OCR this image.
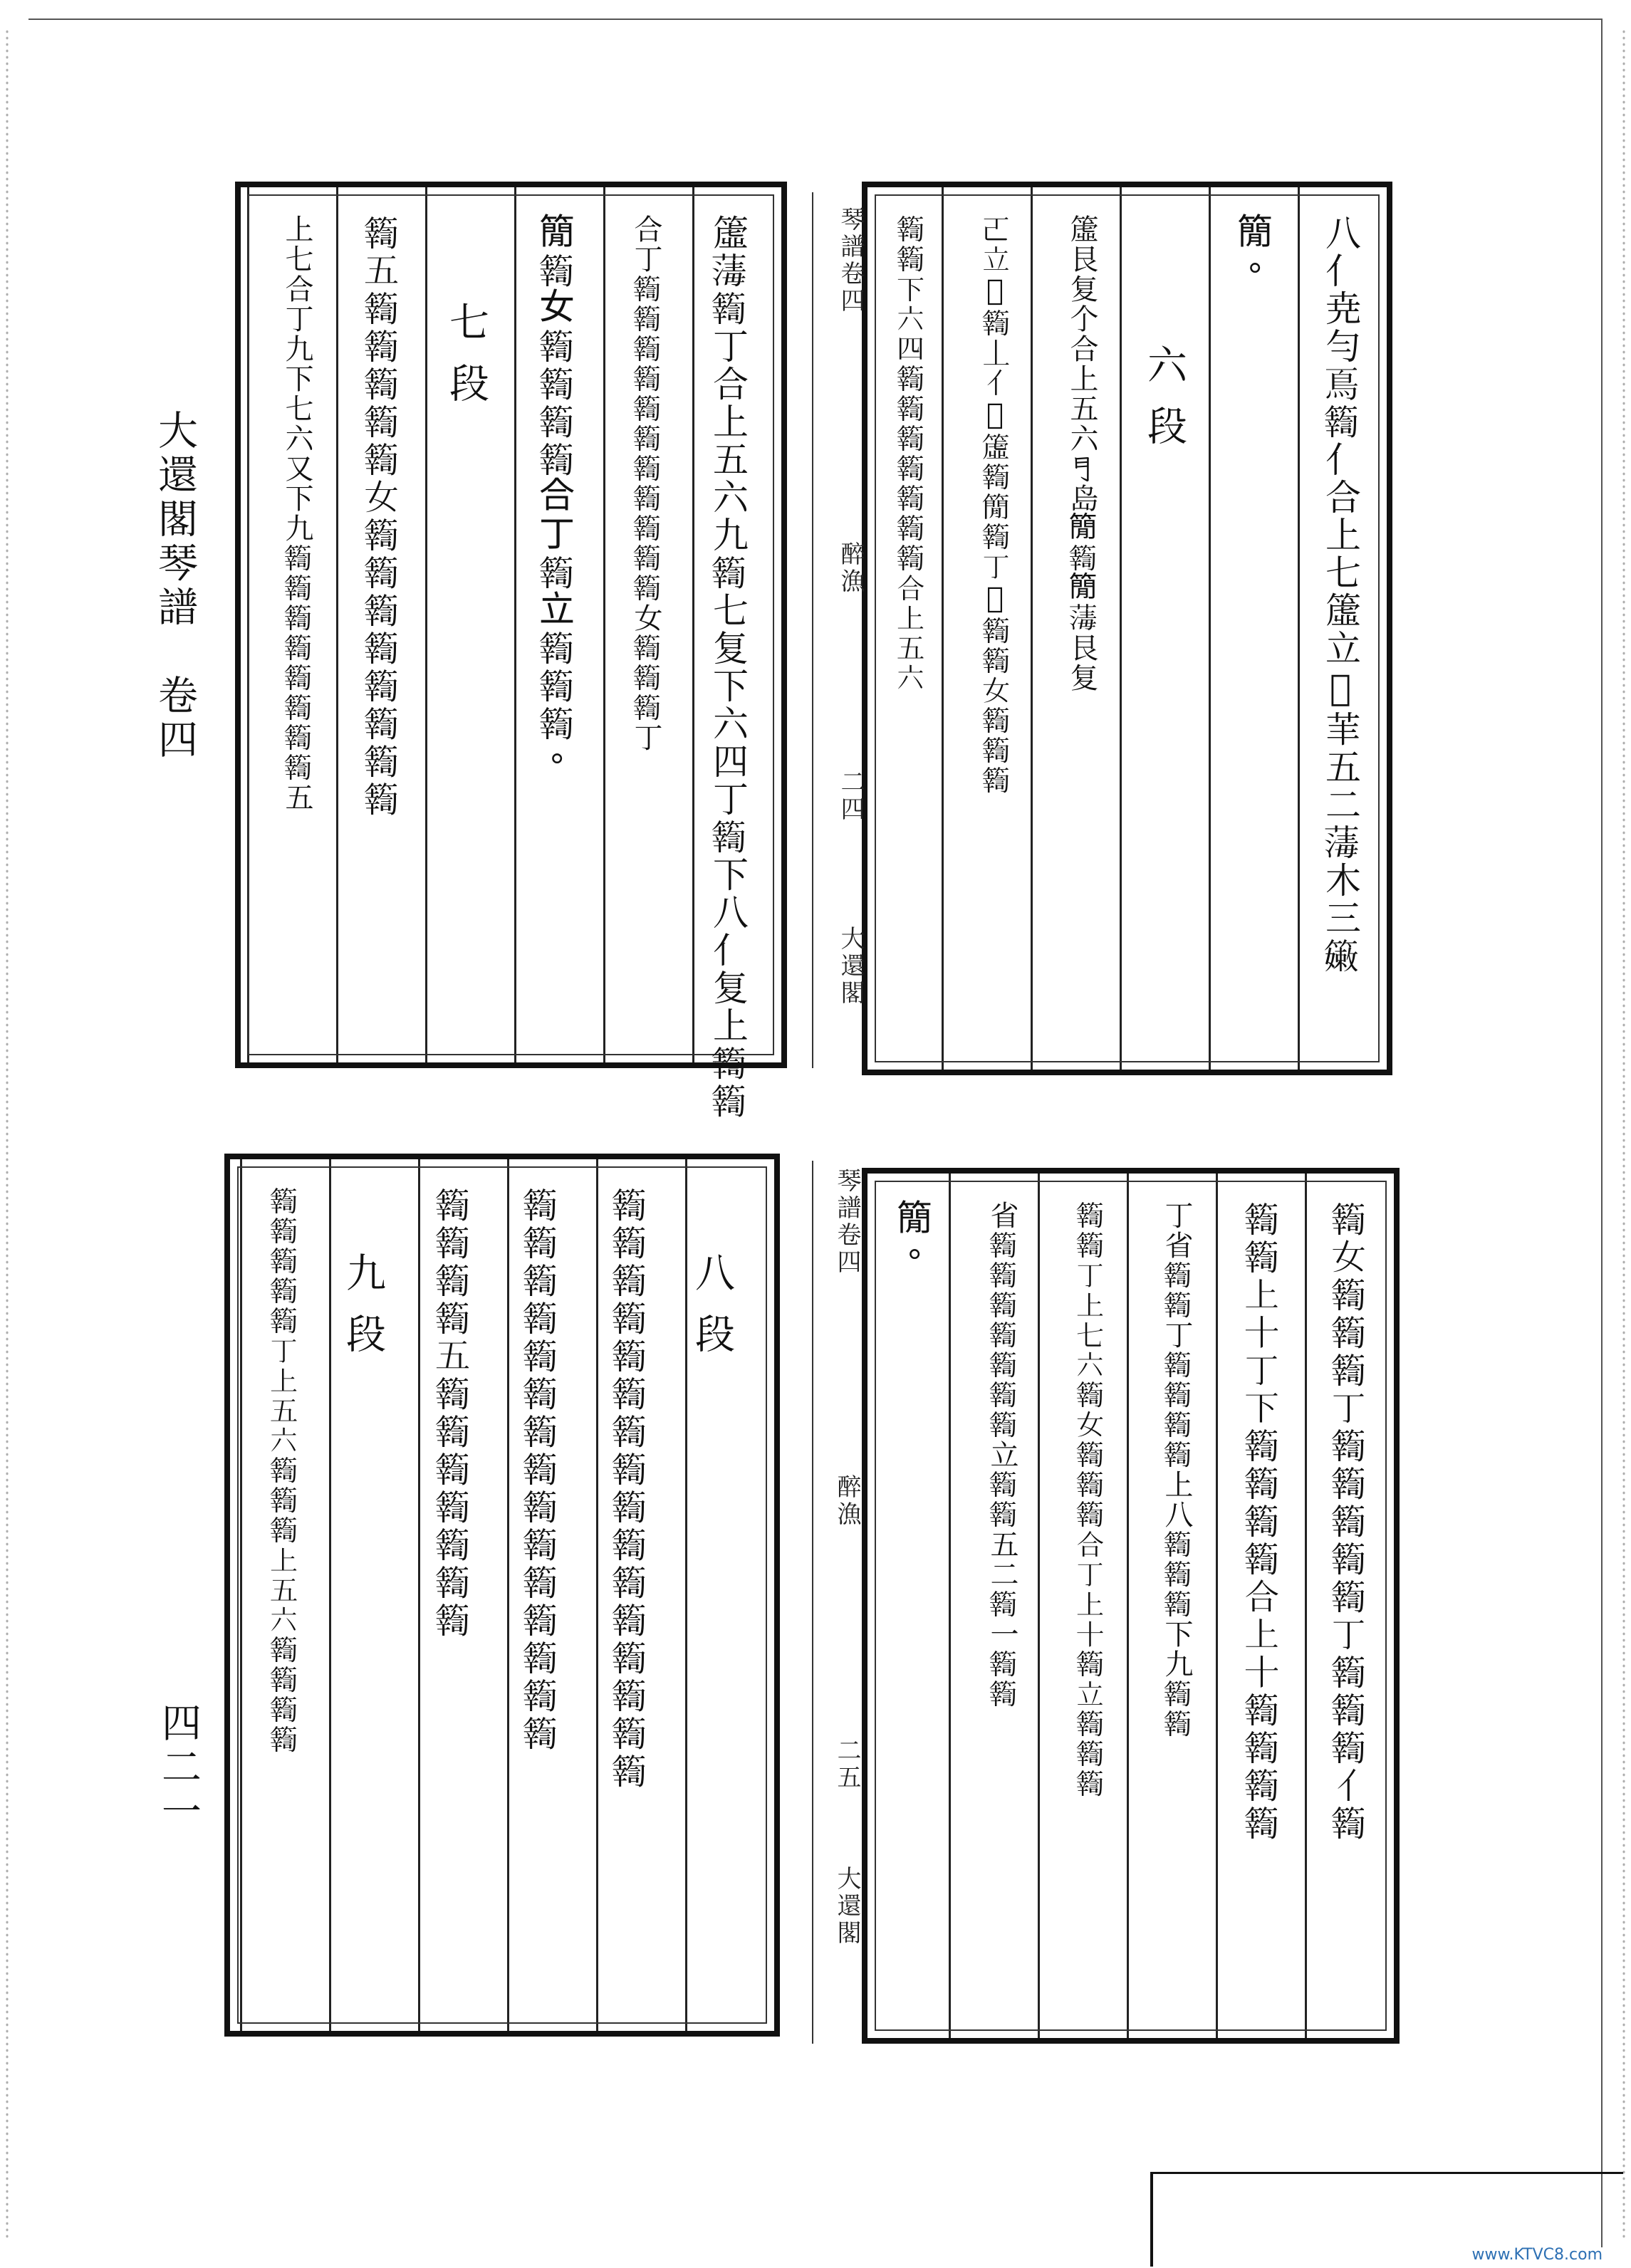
大還閣琴譜　卷四
四二一
𥲤𦺇𥷚丁合上五六九𥷚七复下六四丁𥷚下八亻复上𥷚𥷚
合丁𥷚𥷚𥷚𥷚𥷚𥷚𥷚𥷚𥷚𥷚𥷚女𥷚𥷚𥷚丁
𥳑𥷚女𥷚𥷚𥷚𥷚合丁𥷚立𥷚𥷚𥷚。
七段
𥷚五𥷚𥷚𥷚𥷚𥷚女𥷚𥷚𥷚𥷚𥷚𥷚𥷚𥷚
上七合丁九下七六又下九𥷚𥷚𥷚𥷚𥷚𥷚𥷚𥷚五	八亻尭勻𩾏𥷚亻合上七𥲤立𥸩䒠五二𦺇木三𥶄
𥳑。
六段
𥲤艮复𠆤合上五六𠃛𡷊𥳑𥷚𥳑𦺇艮复
𠀀立𥸩𥷚丄亻𠃛𥲤𥷚𥳑𥷚丁𥸩𥷚𥷚女𥷚𥷚𥷚
𥷚𥷚下六四𥷚𥷚𥷚𥷚𥷚𥷚𥷚合上五六
琴譜卷四
醉漁
二四
大還閣
八段
𥷚𥷚𥷚𥷚𥷚𥷚𥷚𥷚𥷚𥷚𥷚𥷚𥷚𥷚𥷚𥷚
𥷚𥷚𥷚𥷚𥷚𥷚𥷚𥷚𥷚𥷚𥷚𥷚𥷚𥷚𥷚
𥷚𥷚𥷚𥷚五𥷚𥷚𥷚𥷚𥷚𥷚𥷚
九段
𥷚𥷚𥷚𥷚𥷚丁上五六𥷚𥷚𥷚上五六𥷚𥷚𥷚𥷚	𥷚女𥷚𥷚𥷚丁𥷚𥷚𥷚𥷚𥷚丁𥷚𥷚𥷚亻𥷚
𥷚𥷚上十丁下𥷚𥷚𥷚𥷚合上十𥷚𥷚𥷚𥷚
丁省𥷚𥷚丁𥷚𥷚𥷚𥷚上八𥷚𥷚𥷚下九𥷚𥷚
𥷚𥷚丁上七六𥷚女𥷚𥷚𥷚合丁上十𥷚立𥷚𥷚𥷚
省𥷚𥷚𥷚𥷚𥷚𥷚𥷚立𥷚𥷚五二𥷚一𥷚𥷚
𥳑。
琴譜卷四
醉漁
二五
大還閣
www.KTVC8.com
